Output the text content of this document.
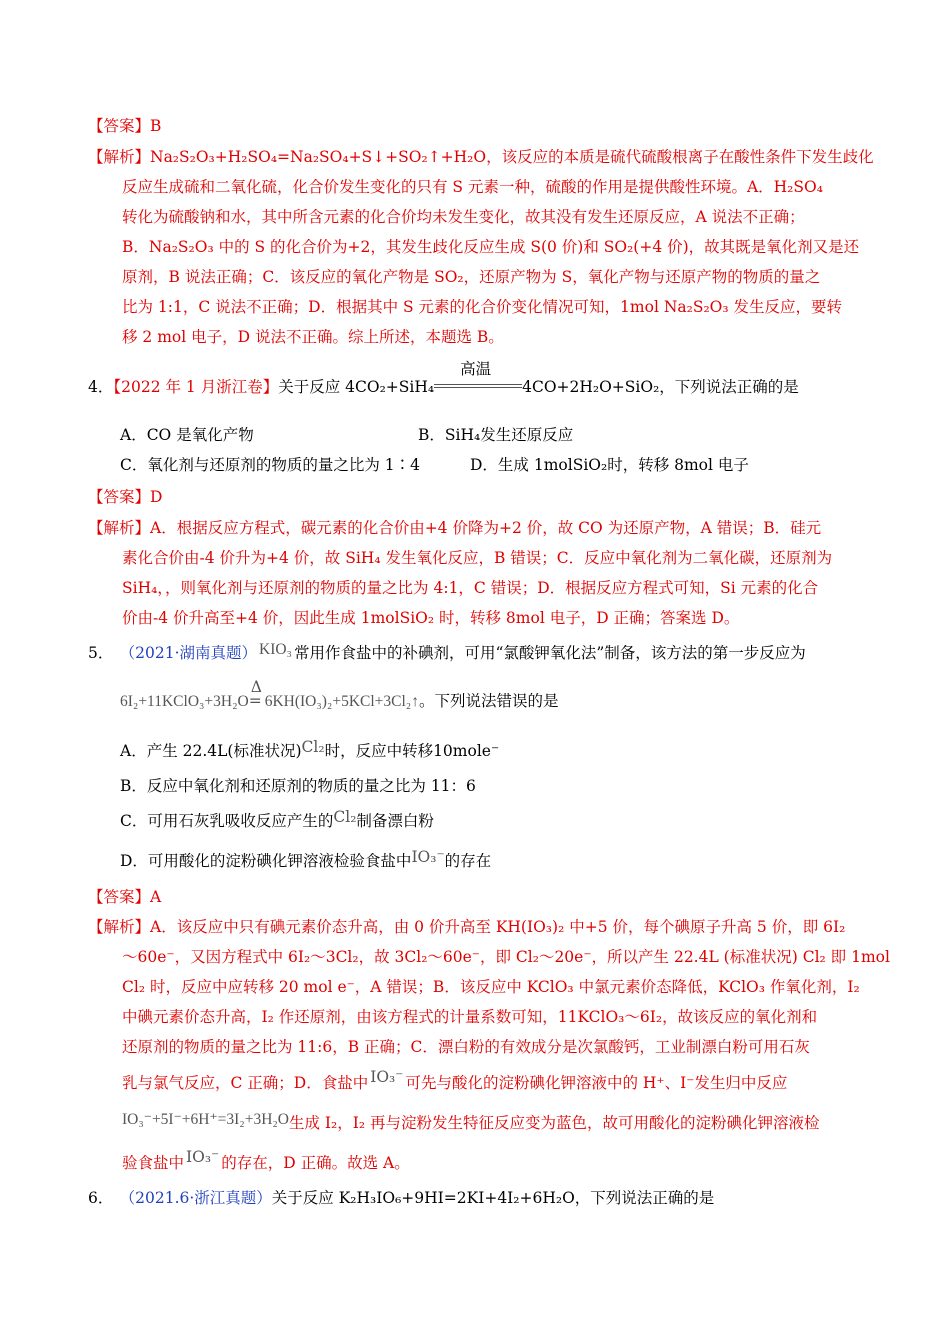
【答案】B
【解析】Na₂S₂O₃+H₂SO₄=Na₂SO₄+S↓+SO₂↑+H₂O，该反应的本质是硫代硫酸根离子在酸性条件下发生歧化
反应生成硫和二氧化硫，化合价发生变化的只有 S 元素一种，硫酸的作用是提供酸性环境。A．H₂SO₄
转化为硫酸钠和水，其中所含元素的化合价均未发生变化，故其没有发生还原反应，A 说法不正确；
B．Na₂S₂O₃ 中的 S 的化合价为+2，其发生歧化反应生成 S(0 价)和 SO₂(+4 价)，故其既是氧化剂又是还
原剂，B 说法正确；C．该反应的氧化产物是 SO₂，还原产物为 S，氧化产物与还原产物的物质的量之
比为 1:1，C 说法不正确；D．根据其中 S 元素的化合价变化情况可知，1mol Na₂S₂O₃ 发生反应，要转
移 2 mol 电子，D 说法不正确。综上所述，本题选 B。
4．【2022 年 1 月浙江卷】关于反应 4CO₂+SiH₄
高温
4CO+2H₂O+SiO₂，下列说法正确的是
A．CO 是氧化产物	B．SiH₄发生还原反应
C．氧化剂与还原剂的物质的量之比为 1∶4	D．生成 1molSiO₂时，转移 8mol 电子
【答案】D
【解析】A．根据反应方程式，碳元素的化合价由+4 价降为+2 价，故 CO 为还原产物，A 错误；B．硅元
素化合价由-4 价升为+4 价，故 SiH₄ 发生氧化反应，B 错误；C．反应中氧化剂为二氧化碳，还原剂为
SiH₄，，则氧化剂与还原剂的物质的量之比为 4:1，C 错误；D．根据反应方程式可知，Si 元素的化合
价由-4 价升高至+4 价，因此生成 1molSiO₂ 时，转移 8mol 电子，D 正确；答案选 D。
5． （2021·湖南真题） KIO₃ 常用作食盐中的补碘剂，可用“氯酸钾氧化法”制备，该方法的第一步反应为
6I₂+11KClO₃+3H₂O
Δ
= 6KH(IO₃)₂+5KCl+3Cl₂↑。下列说法错误的是
A．产生 22.4L(标准状况)Cl₂时，反应中转移10mole⁻
B．反应中氧化剂和还原剂的物质的量之比为 11：6
C．可用石灰乳吸收反应产生的Cl₂制备漂白粉
D．可用酸化的淀粉碘化钾溶液检验食盐中IO₃⁻的存在
【答案】A
【解析】A．该反应中只有碘元素价态升高，由 0 价升高至 KH(IO₃)₂ 中+5 价，每个碘原子升高 5 价，即 6I₂
～60e⁻，又因方程式中 6I₂～3Cl₂，故 3Cl₂～60e⁻，即 Cl₂～20e⁻，所以产生 22.4L (标准状况) Cl₂ 即 1mol
Cl₂ 时，反应中应转移 20 mol e⁻，A 错误；B．该反应中 KClO₃ 中氯元素价态降低，KClO₃ 作氧化剂，I₂
中碘元素价态升高，I₂ 作还原剂，由该方程式的计量系数可知，11KClO₃～6I₂，故该反应的氧化剂和
还原剂的物质的量之比为 11:6，B 正确；C．漂白粉的有效成分是次氯酸钙，工业制漂白粉可用石灰
乳与氯气反应，C 正确；D．食盐中 IO₃⁻ 可先与酸化的淀粉碘化钾溶液中的 H⁺、I⁻发生归中反应
IO₃⁻+5I⁻+6H⁺=3I₂+3H₂O生成 I₂，I₂ 再与淀粉发生特征反应变为蓝色，故可用酸化的淀粉碘化钾溶液检
验食盐中 IO₃⁻ 的存在，D 正确。故选 A。
6． （2021.6·浙江真题）关于反应 K₂H₃IO₆+9HI=2KI+4I₂+6H₂O，下列说法正确的是
